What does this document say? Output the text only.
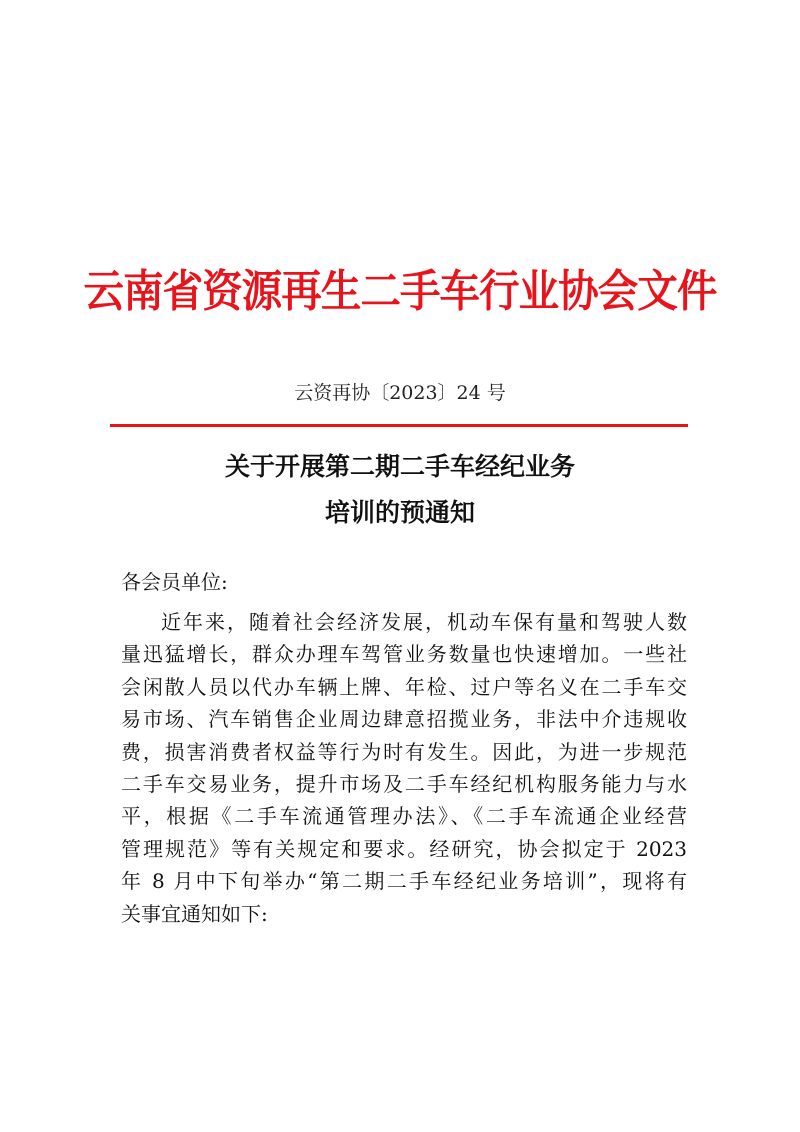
云南省资源再生二手车行业协会文件
云资再协〔2023〕24 号
关于开展第二期二手车经纪业务
培训的预通知
各会员单位:
近年来，随着社会经济发展，机动车保有量和驾驶人数
量迅猛增长，群众办理车驾管业务数量也快速增加。一些社
会闲散人员以代办车辆上牌、年检、过户等名义在二手车交
易市场、汽车销售企业周边肆意招揽业务，非法中介违规收
费，损害消费者权益等行为时有发生。因此，为进一步规范
二手车交易业务，提升市场及二手车经纪机构服务能力与水
平，根据《二手车流通管理办法》、《二手车流通企业经营
管理规范》等有关规定和要求。经研究，协会拟定于 2023
年 8 月中下旬举办“第二期二手车经纪业务培训”，现将有
关事宜通知如下:
